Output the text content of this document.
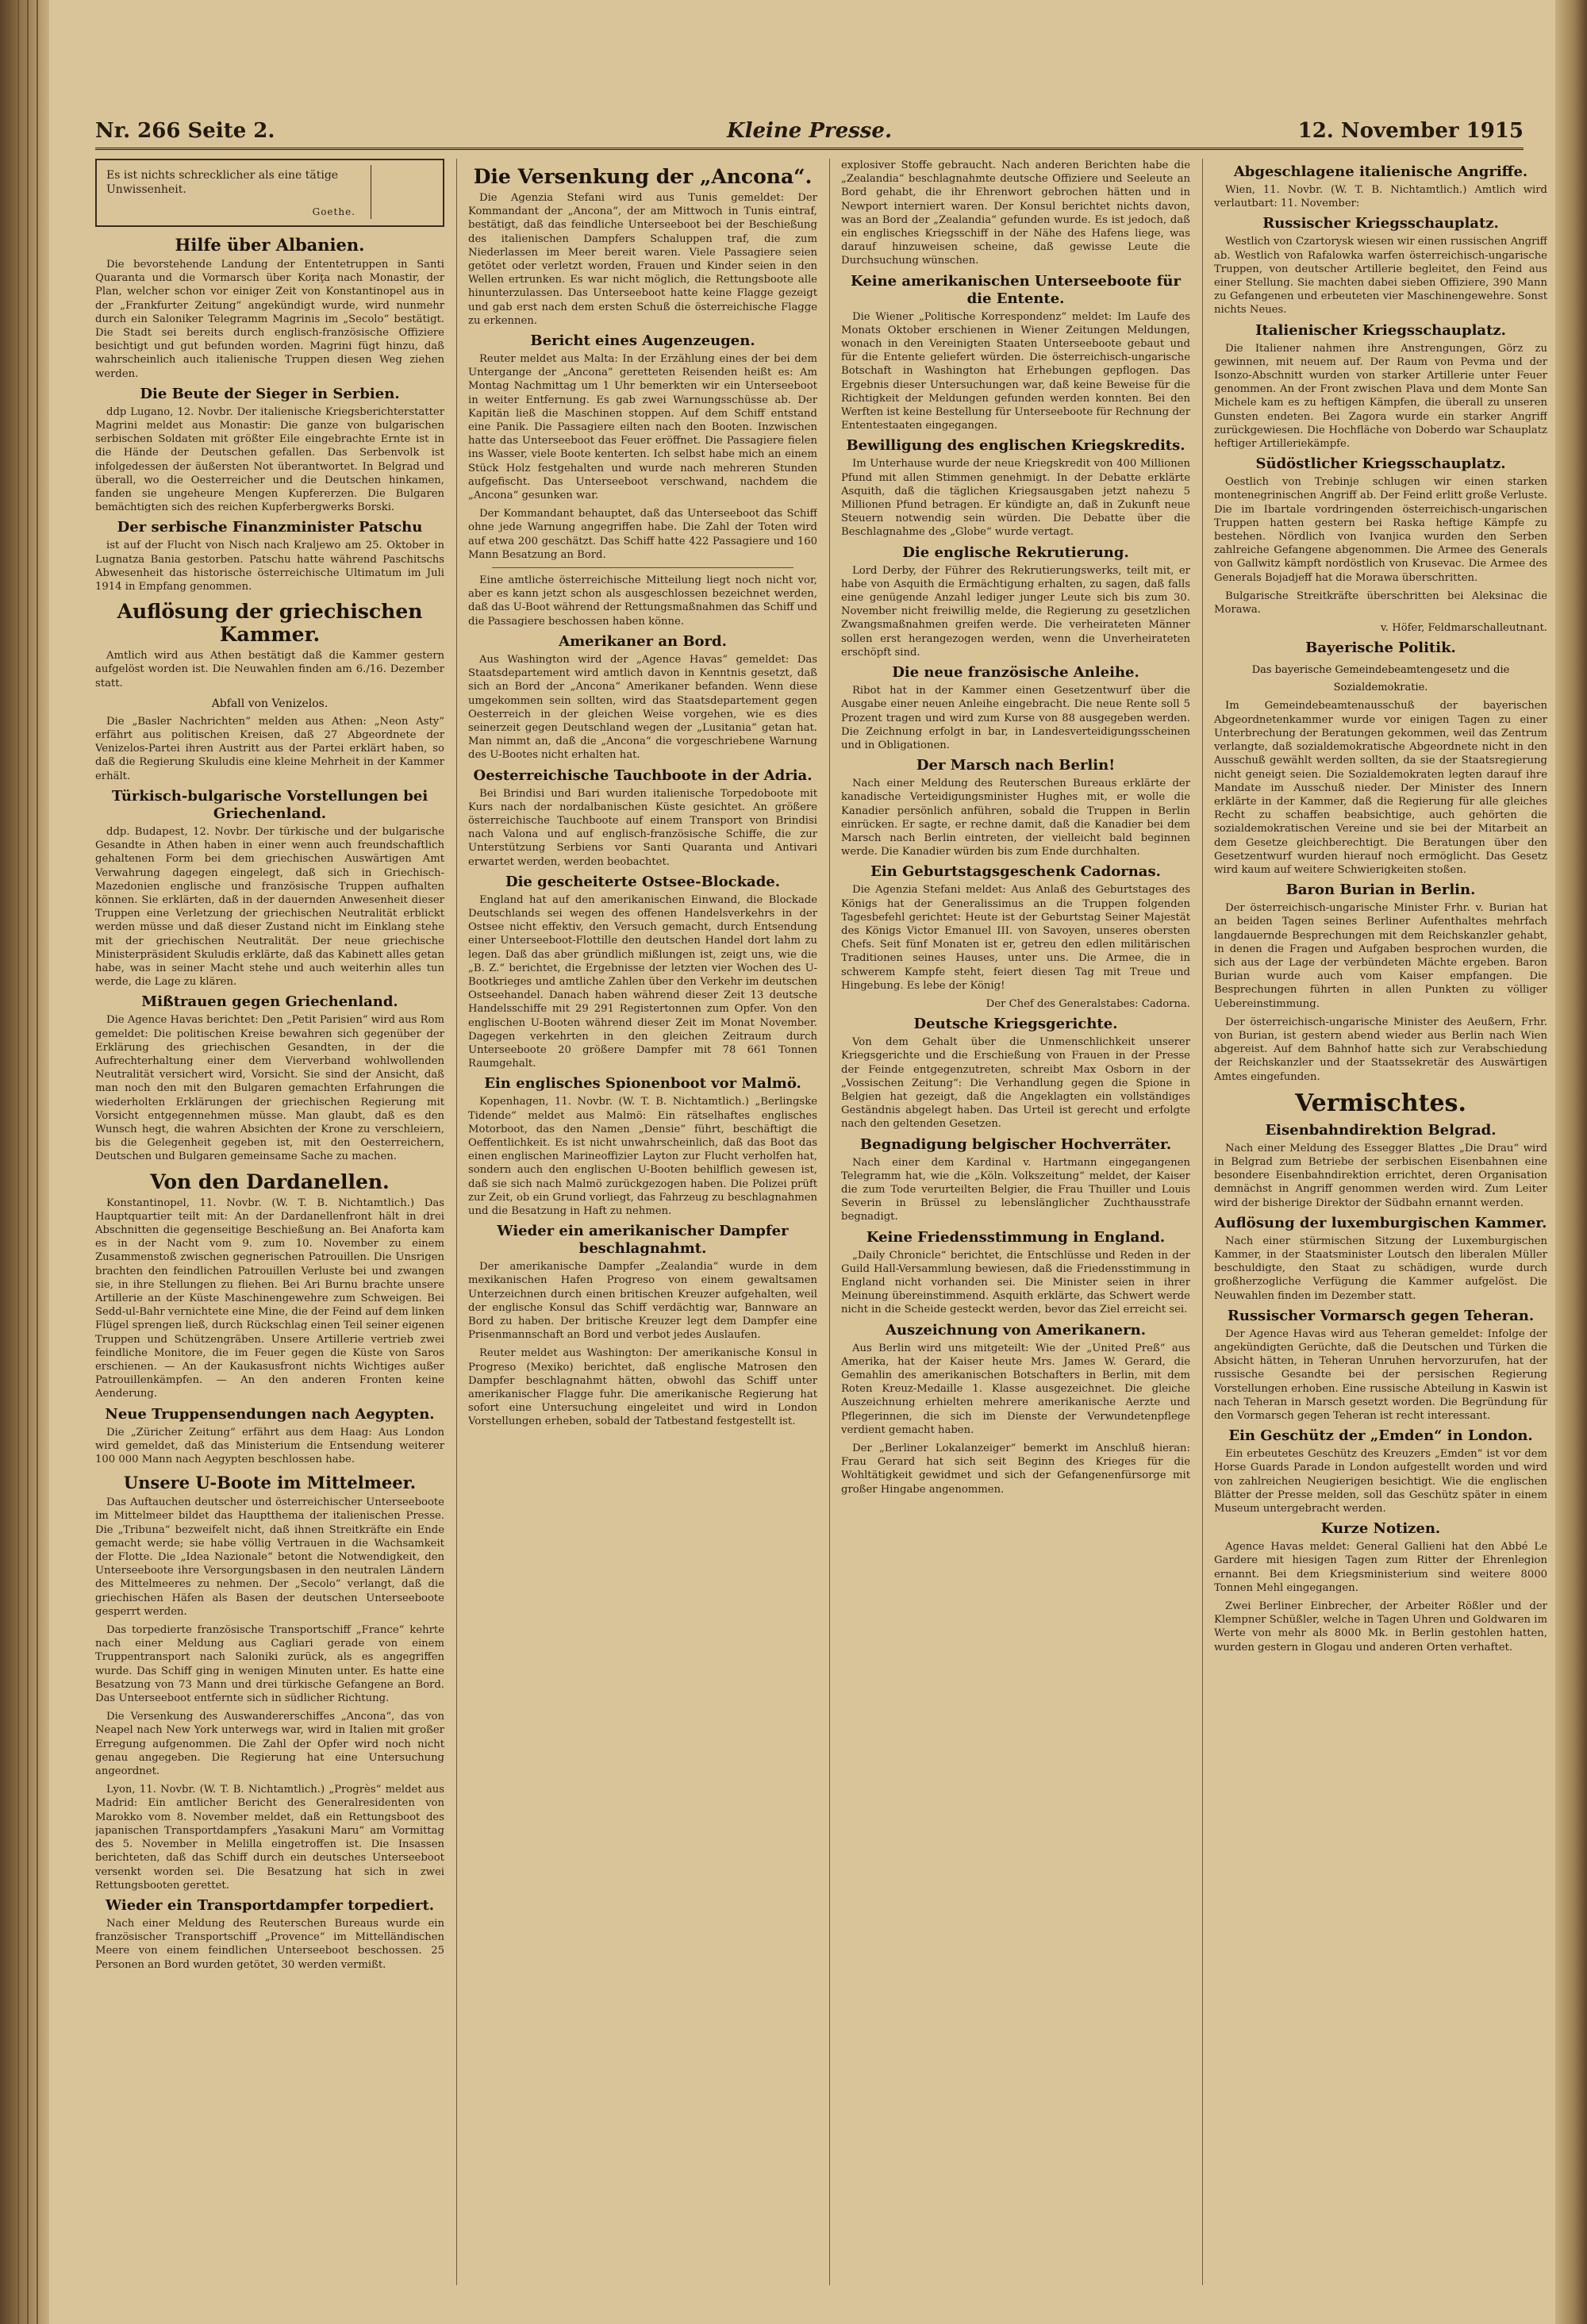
Nr. 266 Seite 2.	Kleine Presse.	12. November 1915
Es ist nichts schrecklicher als eine tätige Unwissenheit.
Goethe.
Hilfe über Albanien.

Die bevorstehende Landung der Ententetruppen in Santi Quaranta und die Vormarsch über Koriţa nach Monastir, der Plan, welcher schon vor einiger Zeit von Konstantinopel aus in der „Frankfurter Zeitung“ angekündigt wurde, wird nunmehr durch ein Saloniker Telegramm Magrinis im „Secolo“ bestätigt. Die Stadt sei bereits durch englisch-französische Offiziere besichtigt und gut befunden worden. Magrini fügt hinzu, daß wahrscheinlich auch italienische Truppen diesen Weg ziehen werden.

Die Beute der Sieger in Serbien.

ddp Lugano, 12. Novbr. Der italienische Kriegsberichterstatter Magrini meldet aus Monastir: Die ganze von bulgarischen serbischen Soldaten mit größter Eile eingebrachte Ernte ist in die Hände der Deutschen gefallen. Das Serbenvolk ist infolgedessen der äußersten Not überantwortet. In Belgrad und überall, wo die Oesterreicher und die Deutschen hinkamen, fanden sie ungeheure Mengen Kupfererzen. Die Bulgaren bemächtigten sich des reichen Kupferbergwerks Borski.

Der serbische Finanzminister Patschu

ist auf der Flucht von Nisch nach Kraljewo am 25. Oktober in Lugnatza Bania gestorben. Patschu hatte während Paschitschs Abwesenheit das historische österreichische Ultimatum im Juli 1914 in Empfang genommen.

Auflösung der griechischen Kammer.

Amtlich wird aus Athen bestätigt daß die Kammer gestern aufgelöst worden ist. Die Neuwahlen finden am 6./16. Dezember statt.

Abfall von Venizelos.

Die „Basler Nachrichten“ melden aus Athen: „Neon Asty“ erfährt aus politischen Kreisen, daß 27 Abgeordnete der Venizelos-Partei ihren Austritt aus der Partei erklärt haben, so daß die Regierung Skuludis eine kleine Mehrheit in der Kammer erhält.

Türkisch-bulgarische Vorstellungen bei Griechenland.

ddp. Budapest, 12. Novbr. Der türkische und der bulgarische Gesandte in Athen haben in einer wenn auch freundschaftlich gehaltenen Form bei dem griechischen Auswärtigen Amt Verwahrung dagegen eingelegt, daß sich in Griechisch-Mazedonien englische und französische Truppen aufhalten können. Sie erklärten, daß in der dauernden Anwesenheit dieser Truppen eine Verletzung der griechischen Neutralität erblickt werden müsse und daß dieser Zustand nicht im Einklang stehe mit der griechischen Neutralität. Der neue griechische Ministerpräsident Skuludis erklärte, daß das Kabinett alles getan habe, was in seiner Macht stehe und auch weiterhin alles tun werde, die Lage zu klären.

Mißtrauen gegen Griechenland.

Die Agence Havas berichtet: Den „Petit Parisien“ wird aus Rom gemeldet: Die politischen Kreise bewahren sich gegenüber der Erklärung des griechischen Gesandten, in der die Aufrechterhaltung einer dem Vierverband wohlwollenden Neutralität versichert wird, Vorsicht. Sie sind der Ansicht, daß man noch den mit den Bulgaren gemachten Erfahrungen die wiederholten Erklärungen der griechischen Regierung mit Vorsicht entgegennehmen müsse. Man glaubt, daß es den Wunsch hegt, die wahren Absichten der Krone zu verschleiern, bis die Gelegenheit gegeben ist, mit den Oesterreichern, Deutschen und Bulgaren gemeinsame Sache zu machen.

Von den Dardanellen.

Konstantinopel, 11. Novbr. (W. T. B. Nichtamtlich.) Das Hauptquartier teilt mit: An der Dardanellenfront hält in drei Abschnitten die gegenseitige Beschießung an. Bei Anaforta kam es in der Nacht vom 9. zum 10. November zu einem Zusammenstoß zwischen gegnerischen Patrouillen. Die Unsrigen brachten den feindlichen Patrouillen Verluste bei und zwangen sie, in ihre Stellungen zu fliehen. Bei Ari Burnu brachte unsere Artillerie an der Küste Maschinengewehre zum Schweigen. Bei Sedd-ul-Bahr vernichtete eine Mine, die der Feind auf dem linken Flügel sprengen ließ, durch Rückschlag einen Teil seiner eigenen Truppen und Schützengräben. Unsere Artillerie vertrieb zwei feindliche Monitore, die im Feuer gegen die Küste von Saros erschienen. — An der Kaukasusfront nichts Wichtiges außer Patrouillenkämpfen. — An den anderen Fronten keine Aenderung.

Neue Truppensendungen nach Aegypten.

Die „Züricher Zeitung“ erfährt aus dem Haag: Aus London wird gemeldet, daß das Ministerium die Entsendung weiterer 100 000 Mann nach Aegypten beschlossen habe.

Unsere U-Boote im Mittelmeer.

Das Auftauchen deutscher und österreichischer Unterseeboote im Mittelmeer bildet das Hauptthema der italienischen Presse. Die „Tribuna“ bezweifelt nicht, daß ihnen Streitkräfte ein Ende gemacht werde; sie habe völlig Vertrauen in die Wachsamkeit der Flotte. Die „Idea Nazionale“ betont die Notwendigkeit, den Unterseeboote ihre Versorgungsbasen in den neutralen Ländern des Mittelmeeres zu nehmen. Der „Secolo“ verlangt, daß die griechischen Häfen als Basen der deutschen Unterseeboote gesperrt werden.

Das torpedierte französische Transportschiff „France“ kehrte nach einer Meldung aus Cagliari gerade von einem Truppentransport nach Saloniki zurück, als es angegriffen wurde. Das Schiff ging in wenigen Minuten unter. Es hatte eine Besatzung von 73 Mann und drei türkische Gefangene an Bord. Das Unterseeboot entfernte sich in südlicher Richtung.

Die Versenkung des Auswandererschiffes „Ancona“, das von Neapel nach New York unterwegs war, wird in Italien mit großer Erregung aufgenommen. Die Zahl der Opfer wird noch nicht genau angegeben. Die Regierung hat eine Untersuchung angeordnet.

Lyon, 11. Novbr. (W. T. B. Nichtamtlich.) „Progrès“ meldet aus Madrid: Ein amtlicher Bericht des Generalresidenten von Marokko vom 8. November meldet, daß ein Rettungsboot des japanischen Transportdampfers „Yasakuni Maru“ am Vormittag des 5. November in Melilla eingetroffen ist. Die Insassen berichteten, daß das Schiff durch ein deutsches Unterseeboot versenkt worden sei. Die Besatzung hat sich in zwei Rettungsbooten gerettet.

Wieder ein Transportdampfer torpediert.

Nach einer Meldung des Reuterschen Bureaus wurde ein französischer Transportschiff „Provence“ im Mittelländischen Meere von einem feindlichen Unterseeboot beschossen. 25 Personen an Bord wurden getötet, 30 werden vermißt.

Die Versenkung der „Ancona“.

Die Agenzia Stefani wird aus Tunis gemeldet: Der Kommandant der „Ancona“, der am Mittwoch in Tunis eintraf, bestätigt, daß das feindliche Unterseeboot bei der Beschießung des italienischen Dampfers Schaluppen traf, die zum Niederlassen im Meer bereit waren. Viele Passagiere seien getötet oder verletzt worden, Frauen und Kinder seien in den Wellen ertrunken. Es war nicht möglich, die Rettungsboote alle hinunterzulassen. Das Unterseeboot hatte keine Flagge gezeigt und gab erst nach dem ersten Schuß die österreichische Flagge zu erkennen.

Bericht eines Augenzeugen.

Reuter meldet aus Malta: In der Erzählung eines der bei dem Untergange der „Ancona“ geretteten Reisenden heißt es: Am Montag Nachmittag um 1 Uhr bemerkten wir ein Unterseeboot in weiter Entfernung. Es gab zwei Warnungsschüsse ab. Der Kapitän ließ die Maschinen stoppen. Auf dem Schiff entstand eine Panik. Die Passagiere eilten nach den Booten. Inzwischen hatte das Unterseeboot das Feuer eröffnet. Die Passagiere fielen ins Wasser, viele Boote kenterten. Ich selbst habe mich an einem Stück Holz festgehalten und wurde nach mehreren Stunden aufgefischt. Das Unterseeboot verschwand, nachdem die „Ancona“ gesunken war.

Der Kommandant behauptet, daß das Unterseeboot das Schiff ohne jede Warnung angegriffen habe. Die Zahl der Toten wird auf etwa 200 geschätzt. Das Schiff hatte 422 Passagiere und 160 Mann Besatzung an Bord.

Eine amtliche österreichische Mitteilung liegt noch nicht vor, aber es kann jetzt schon als ausgeschlossen bezeichnet werden, daß das U-Boot während der Rettungsmaßnahmen das Schiff und die Passagiere beschossen haben könne.

Amerikaner an Bord.

Aus Washington wird der „Agence Havas“ gemeldet: Das Staatsdepartement wird amtlich davon in Kenntnis gesetzt, daß sich an Bord der „Ancona“ Amerikaner befanden. Wenn diese umgekommen sein sollten, wird das Staatsdepartement gegen Oesterreich in der gleichen Weise vorgehen, wie es dies seinerzeit gegen Deutschland wegen der „Lusitania“ getan hat. Man nimmt an, daß die „Ancona“ die vorgeschriebene Warnung des U-Bootes nicht erhalten hat.

Oesterreichische Tauchboote in der Adria.

Bei Brindisi und Bari wurden italienische Torpedoboote mit Kurs nach der nordalbanischen Küste gesichtet. An größere österreichische Tauchboote auf einem Transport von Brindisi nach Valona und auf englisch-französische Schiffe, die zur Unterstützung Serbiens vor Santi Quaranta und Antivari erwartet werden, werden beobachtet.

Die gescheiterte Ostsee-Blockade.

England hat auf den amerikanischen Einwand, die Blockade Deutschlands sei wegen des offenen Handelsverkehrs in der Ostsee nicht effektiv, den Versuch gemacht, durch Entsendung einer Unterseeboot-Flottille den deutschen Handel dort lahm zu legen. Daß das aber gründlich mißlungen ist, zeigt uns, wie die „B. Z.“ berichtet, die Ergebnisse der letzten vier Wochen des U-Bootkrieges und amtliche Zahlen über den Verkehr im deutschen Ostseehandel. Danach haben während dieser Zeit 13 deutsche Handelsschiffe mit 29 291 Registertonnen zum Opfer. Von den englischen U-Booten während dieser Zeit im Monat November. Dagegen verkehrten in den gleichen Zeitraum durch Unterseeboote 20 größere Dampfer mit 78 661 Tonnen Raumgehalt.

Ein englisches Spionenboot vor Malmö.

Kopenhagen, 11. Novbr. (W. T. B. Nichtamtlich.) „Berlingske Tidende“ meldet aus Malmö: Ein rätselhaftes englisches Motorboot, das den Namen „Densie“ führt, beschäftigt die Oeffentlichkeit. Es ist nicht unwahrscheinlich, daß das Boot das einen englischen Marineoffizier Layton zur Flucht verholfen hat, sondern auch den englischen U-Booten behilflich gewesen ist, daß sie sich nach Malmö zurückgezogen haben. Die Polizei prüft zur Zeit, ob ein Grund vorliegt, das Fahrzeug zu beschlagnahmen und die Besatzung in Haft zu nehmen.

Wieder ein amerikanischer Dampfer beschlagnahmt.

Der amerikanische Dampfer „Zealandia“ wurde in dem mexikanischen Hafen Progreso von einem gewaltsamen Unterzeichnen durch einen britischen Kreuzer aufgehalten, weil der englische Konsul das Schiff verdächtig war, Bannware an Bord zu haben. Der britische Kreuzer legt dem Dampfer eine Prisenmannschaft an Bord und verbot jedes Auslaufen.

Reuter meldet aus Washington: Der amerikanische Konsul in Progreso (Mexiko) berichtet, daß englische Matrosen den Dampfer beschlagnahmt hätten, obwohl das Schiff unter amerikanischer Flagge fuhr. Die amerikanische Regierung hat sofort eine Untersuchung eingeleitet und wird in London Vorstellungen erheben, sobald der Tatbestand festgestellt ist.

explosiver Stoffe gebraucht. Nach anderen Berichten habe die „Zealandia“ beschlagnahmte deutsche Offiziere und Seeleute an Bord gehabt, die ihr Ehrenwort gebrochen hätten und in Newport interniert waren. Der Konsul berichtet nichts davon, was an Bord der „Zealandia“ gefunden wurde. Es ist jedoch, daß ein englisches Kriegsschiff in der Nähe des Hafens liege, was darauf hinzuweisen scheine, daß gewisse Leute die Durchsuchung wünschen.

Keine amerikanischen Unterseeboote für die Entente.

Die Wiener „Politische Korrespondenz“ meldet: Im Laufe des Monats Oktober erschienen in Wiener Zeitungen Meldungen, wonach in den Vereinigten Staaten Unterseeboote gebaut und für die Entente geliefert würden. Die österreichisch-ungarische Botschaft in Washington hat Erhebungen gepflogen. Das Ergebnis dieser Untersuchungen war, daß keine Beweise für die Richtigkeit der Meldungen gefunden werden konnten. Bei den Werften ist keine Bestellung für Unterseeboote für Rechnung der Ententestaaten eingegangen.

Bewilligung des englischen Kriegskredits.

Im Unterhause wurde der neue Kriegskredit von 400 Millionen Pfund mit allen Stimmen genehmigt. In der Debatte erklärte Asquith, daß die täglichen Kriegsausgaben jetzt nahezu 5 Millionen Pfund betragen. Er kündigte an, daß in Zukunft neue Steuern notwendig sein würden. Die Debatte über die Beschlagnahme des „Globe“ wurde vertagt.

Die englische Rekrutierung.

Lord Derby, der Führer des Rekrutierungswerks, teilt mit, er habe von Asquith die Ermächtigung erhalten, zu sagen, daß falls eine genügende Anzahl lediger junger Leute sich bis zum 30. November nicht freiwillig melde, die Regierung zu gesetzlichen Zwangsmaßnahmen greifen werde. Die verheirateten Männer sollen erst herangezogen werden, wenn die Unverheirateten erschöpft sind.

Die neue französische Anleihe.

Ribot hat in der Kammer einen Gesetzentwurf über die Ausgabe einer neuen Anleihe eingebracht. Die neue Rente soll 5 Prozent tragen und wird zum Kurse von 88 ausgegeben werden. Die Zeichnung erfolgt in bar, in Landesverteidigungsscheinen und in Obligationen.

Der Marsch nach Berlin!

Nach einer Meldung des Reuterschen Bureaus erklärte der kanadische Verteidigungsminister Hughes mit, er wolle die Kanadier persönlich anführen, sobald die Truppen in Berlin einrücken. Er sagte, er rechne damit, daß die Kanadier bei dem Marsch nach Berlin eintreten, der vielleicht bald beginnen werde. Die Kanadier würden bis zum Ende durchhalten.

Ein Geburtstagsgeschenk Cadornas.

Die Agenzia Stefani meldet: Aus Anlaß des Geburtstages des Königs hat der Generalissimus an die Truppen folgenden Tagesbefehl gerichtet: Heute ist der Geburtstag Seiner Majestät des Königs Victor Emanuel III. von Savoyen, unseres obersten Chefs. Seit fünf Monaten ist er, getreu den edlen militärischen Traditionen seines Hauses, unter uns. Die Armee, die in schwerem Kampfe steht, feiert diesen Tag mit Treue und Hingebung. Es lebe der König!

Der Chef des Generalstabes: Cadorna.
Deutsche Kriegsgerichte.

Von dem Gehalt über die Unmenschlichkeit unserer Kriegsgerichte und die Erschießung von Frauen in der Presse der Feinde entgegenzutreten, schreibt Max Osborn in der „Vossischen Zeitung“: Die Verhandlung gegen die Spione in Belgien hat gezeigt, daß die Angeklagten ein vollständiges Geständnis abgelegt haben. Das Urteil ist gerecht und erfolgte nach den geltenden Gesetzen.

Begnadigung belgischer Hochverräter.

Nach einer dem Kardinal v. Hartmann eingegangenen Telegramm hat, wie die „Köln. Volkszeitung“ meldet, der Kaiser die zum Tode verurteilten Belgier, die Frau Thuiller und Louis Severin in Brüssel zu lebenslänglicher Zuchthausstrafe begnadigt.

Keine Friedensstimmung in England.

„Daily Chronicle“ berichtet, die Entschlüsse und Reden in der Guild Hall-Versammlung bewiesen, daß die Friedensstimmung in England nicht vorhanden sei. Die Minister seien in ihrer Meinung übereinstimmend. Asquith erklärte, das Schwert werde nicht in die Scheide gesteckt werden, bevor das Ziel erreicht sei.

Auszeichnung von Amerikanern.

Aus Berlin wird uns mitgeteilt: Wie der „United Preß“ aus Amerika, hat der Kaiser heute Mrs. James W. Gerard, die Gemahlin des amerikanischen Botschafters in Berlin, mit dem Roten Kreuz-Medaille 1. Klasse ausgezeichnet. Die gleiche Auszeichnung erhielten mehrere amerikanische Aerzte und Pflegerinnen, die sich im Dienste der Verwundetenpflege verdient gemacht haben.

Der „Berliner Lokalanzeiger“ bemerkt im Anschluß hieran: Frau Gerard hat sich seit Beginn des Krieges für die Wohltätigkeit gewidmet und sich der Gefangenenfürsorge mit großer Hingabe angenommen.

Abgeschlagene italienische Angriffe.

Wien, 11. Novbr. (W. T. B. Nichtamtlich.) Amtlich wird verlautbart: 11. November:

Russischer Kriegsschauplatz.

Westlich von Czartorysk wiesen wir einen russischen Angriff ab. Westlich von Rafalowka warfen österreichisch-ungarische Truppen, von deutscher Artillerie begleitet, den Feind aus einer Stellung. Sie machten dabei sieben Offiziere, 390 Mann zu Gefangenen und erbeuteten vier Maschinengewehre. Sonst nichts Neues.

Italienischer Kriegsschauplatz.

Die Italiener nahmen ihre Anstrengungen, Görz zu gewinnen, mit neuem auf. Der Raum von Pevma und der Isonzo-Abschnitt wurden von starker Artillerie unter Feuer genommen. An der Front zwischen Plava und dem Monte San Michele kam es zu heftigen Kämpfen, die überall zu unseren Gunsten endeten. Bei Zagora wurde ein starker Angriff zurückgewiesen. Die Hochfläche von Doberdo war Schauplatz heftiger Artilleriekämpfe.

Südöstlicher Kriegsschauplatz.

Oestlich von Trebinje schlugen wir einen starken montenegrinischen Angriff ab. Der Feind erlitt große Verluste. Die im Ibartale vordringenden österreichisch-ungarischen Truppen hatten gestern bei Raska heftige Kämpfe zu bestehen. Nördlich von Ivanjica wurden den Serben zahlreiche Gefangene abgenommen. Die Armee des Generals von Gallwitz kämpft nordöstlich von Krusevac. Die Armee des Generals Bojadjeff hat die Morawa überschritten.

Bulgarische Streitkräfte überschritten bei Aleksinac die Morawa.

v. Höfer, Feldmarschalleutnant.
Bayerische Politik.
Das bayerische Gemeindebeamtengesetz und die Sozialdemokratie.

Im Gemeindebeamtenausschuß der bayerischen Abgeordnetenkammer wurde vor einigen Tagen zu einer Unterbrechung der Beratungen gekommen, weil das Zentrum verlangte, daß sozialdemokratische Abgeordnete nicht in den Ausschuß gewählt werden sollten, da sie der Staatsregierung nicht geneigt seien. Die Sozialdemokraten legten darauf ihre Mandate im Ausschuß nieder. Der Minister des Innern erklärte in der Kammer, daß die Regierung für alle gleiches Recht zu schaffen beabsichtige, auch gehörten die sozialdemokratischen Vereine und sie bei der Mitarbeit an dem Gesetze gleichberechtigt. Die Beratungen über den Gesetzentwurf wurden hierauf noch ermöglicht. Das Gesetz wird kaum auf weitere Schwierigkeiten stoßen.

Baron Burian in Berlin.

Der österreichisch-ungarische Minister Frhr. v. Burian hat an beiden Tagen seines Berliner Aufenthaltes mehrfach langdauernde Besprechungen mit dem Reichskanzler gehabt, in denen die Fragen und Aufgaben besprochen wurden, die sich aus der Lage der verbündeten Mächte ergeben. Baron Burian wurde auch vom Kaiser empfangen. Die Besprechungen führten in allen Punkten zu völliger Uebereinstimmung.

Der österreichisch-ungarische Minister des Aeußern, Frhr. von Burian, ist gestern abend wieder aus Berlin nach Wien abgereist. Auf dem Bahnhof hatte sich zur Verabschiedung der Reichskanzler und der Staatssekretär des Auswärtigen Amtes eingefunden.

Vermischtes.
Eisenbahndirektion Belgrad.

Nach einer Meldung des Essegger Blattes „Die Drau“ wird in Belgrad zum Betriebe der serbischen Eisenbahnen eine besondere Eisenbahndirektion errichtet, deren Organisation demnächst in Angriff genommen werden wird. Zum Leiter wird der bisherige Direktor der Südbahn ernannt werden.

Auflösung der luxemburgischen Kammer.

Nach einer stürmischen Sitzung der Luxemburgischen Kammer, in der Staatsminister Loutsch den liberalen Müller beschuldigte, den Staat zu schädigen, wurde durch großherzogliche Verfügung die Kammer aufgelöst. Die Neuwahlen finden im Dezember statt.

Russischer Vormarsch gegen Teheran.

Der Agence Havas wird aus Teheran gemeldet: Infolge der angekündigten Gerüchte, daß die Deutschen und Türken die Absicht hätten, in Teheran Unruhen hervorzurufen, hat der russische Gesandte bei der persischen Regierung Vorstellungen erhoben. Eine russische Abteilung in Kaswin ist nach Teheran in Marsch gesetzt worden. Die Begründung für den Vormarsch gegen Teheran ist recht interessant.

Ein Geschütz der „Emden“ in London.

Ein erbeutetes Geschütz des Kreuzers „Emden“ ist vor dem Horse Guards Parade in London aufgestellt worden und wird von zahlreichen Neugierigen besichtigt. Wie die englischen Blätter der Presse melden, soll das Geschütz später in einem Museum untergebracht werden.

Kurze Notizen.

Agence Havas meldet: General Gallieni hat den Abbé Le Gardere mit hiesigen Tagen zum Ritter der Ehrenlegion ernannt. Bei dem Kriegsministerium sind weitere 8000 Tonnen Mehl eingegangen.

Zwei Berliner Einbrecher, der Arbeiter Rößler und der Klempner Schüßler, welche in Tagen Uhren und Goldwaren im Werte von mehr als 8000 Mk. in Berlin gestohlen hatten, wurden gestern in Glogau und anderen Orten verhaftet.
